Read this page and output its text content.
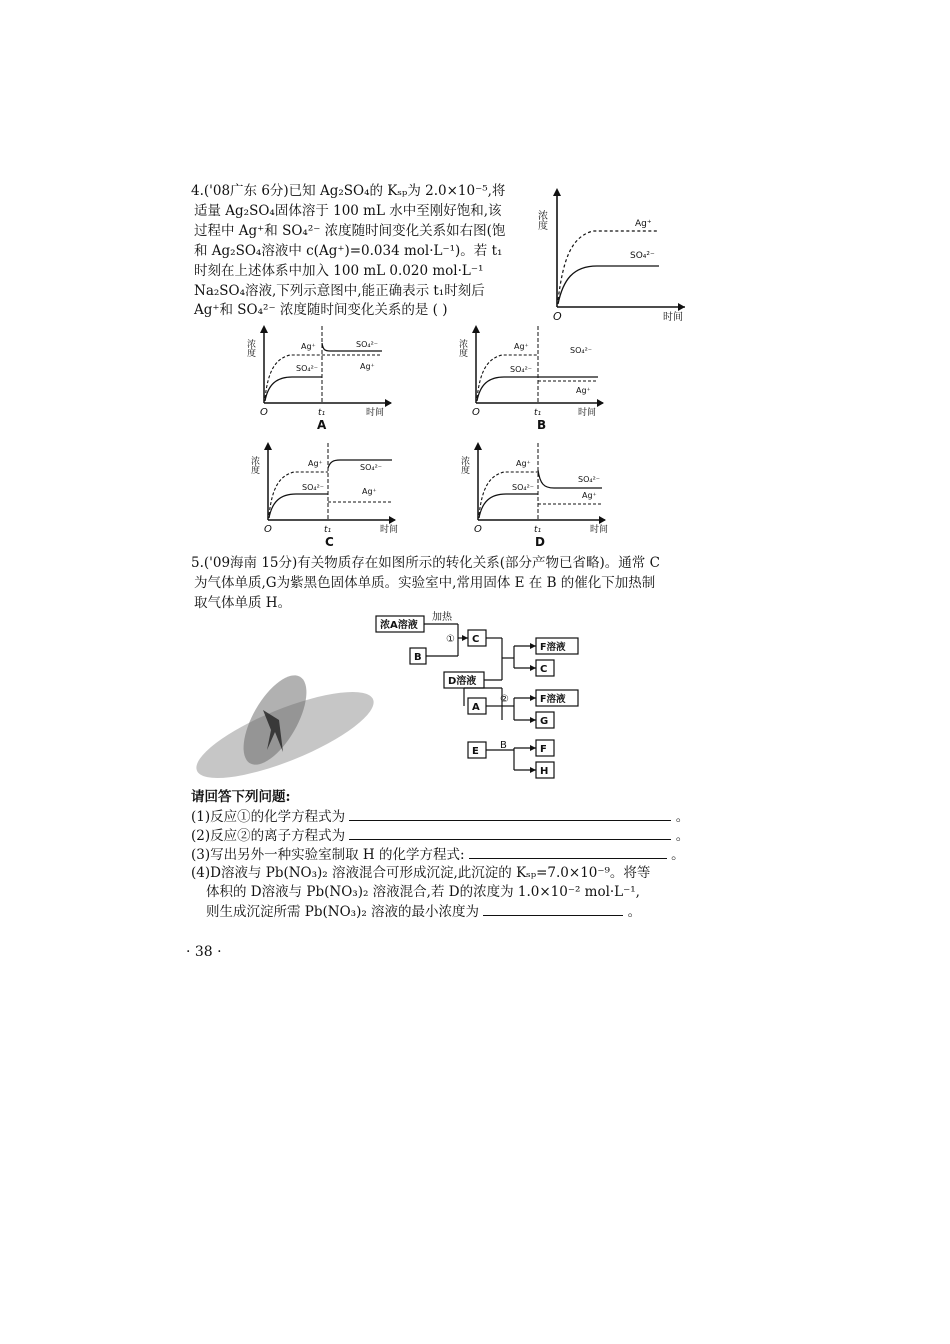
4.('08广东 6分)已知 Ag₂SO₄的 Kₛₚ为 2.0×10⁻⁵,将
适量 Ag₂SO₄固体溶于 100 mL 水中至刚好饱和,该
过程中 Ag⁺和 SO₄²⁻ 浓度随时间变化关系如右图(饱
和 Ag₂SO₄溶液中 c(Ag⁺)=0.034 mol·L⁻¹)。若 t₁
时刻在上述体系中加入 100 mL 0.020 mol·L⁻¹
Na₂SO₄溶液,下列示意图中,能正确表示 t₁时刻后
Ag⁺和 SO₄²⁻ 浓度随时间变化关系的是 ( )
浓度
O	时间
Ag⁺
SO₄²⁻
浓度
O	t₁	时间
Ag⁺
SO₄²⁻
SO₄²⁻
Ag⁺
A
浓度
O	t₁	时间
Ag⁺
SO₄²⁻
SO₄²⁻
Ag⁺
B
浓度
O	t₁	时间
Ag⁺
SO₄²⁻
SO₄²⁻
Ag⁺
C
浓度
O	t₁	时间
Ag⁺
SO₄²⁻
SO₄²⁻
Ag⁺
D
5.('09海南 15分)有关物质存在如图所示的转化关系(部分产物已省略)。通常 C
为气体单质,G为紫黑色固体单质。实验室中,常用固体 E 在 B 的催化下加热制
取气体单质 H。
浓A溶液
B
加热
① C
F溶液
C
D溶液
A
②	F溶液
G
E
B	F
H
请回答下列问题:
(1)反应①的化学方程式为	。
(2)反应②的离子方程式为	。
(3)写出另外一种实验室制取 H 的化学方程式:	。
(4)D溶液与 Pb(NO₃)₂ 溶液混合可形成沉淀,此沉淀的 Kₛₚ=7.0×10⁻⁹。将等
体积的 D溶液与 Pb(NO₃)₂ 溶液混合,若 D的浓度为 1.0×10⁻² mol·L⁻¹,
则生成沉淀所需 Pb(NO₃)₂ 溶液的最小浓度为	。
· 38 ·
